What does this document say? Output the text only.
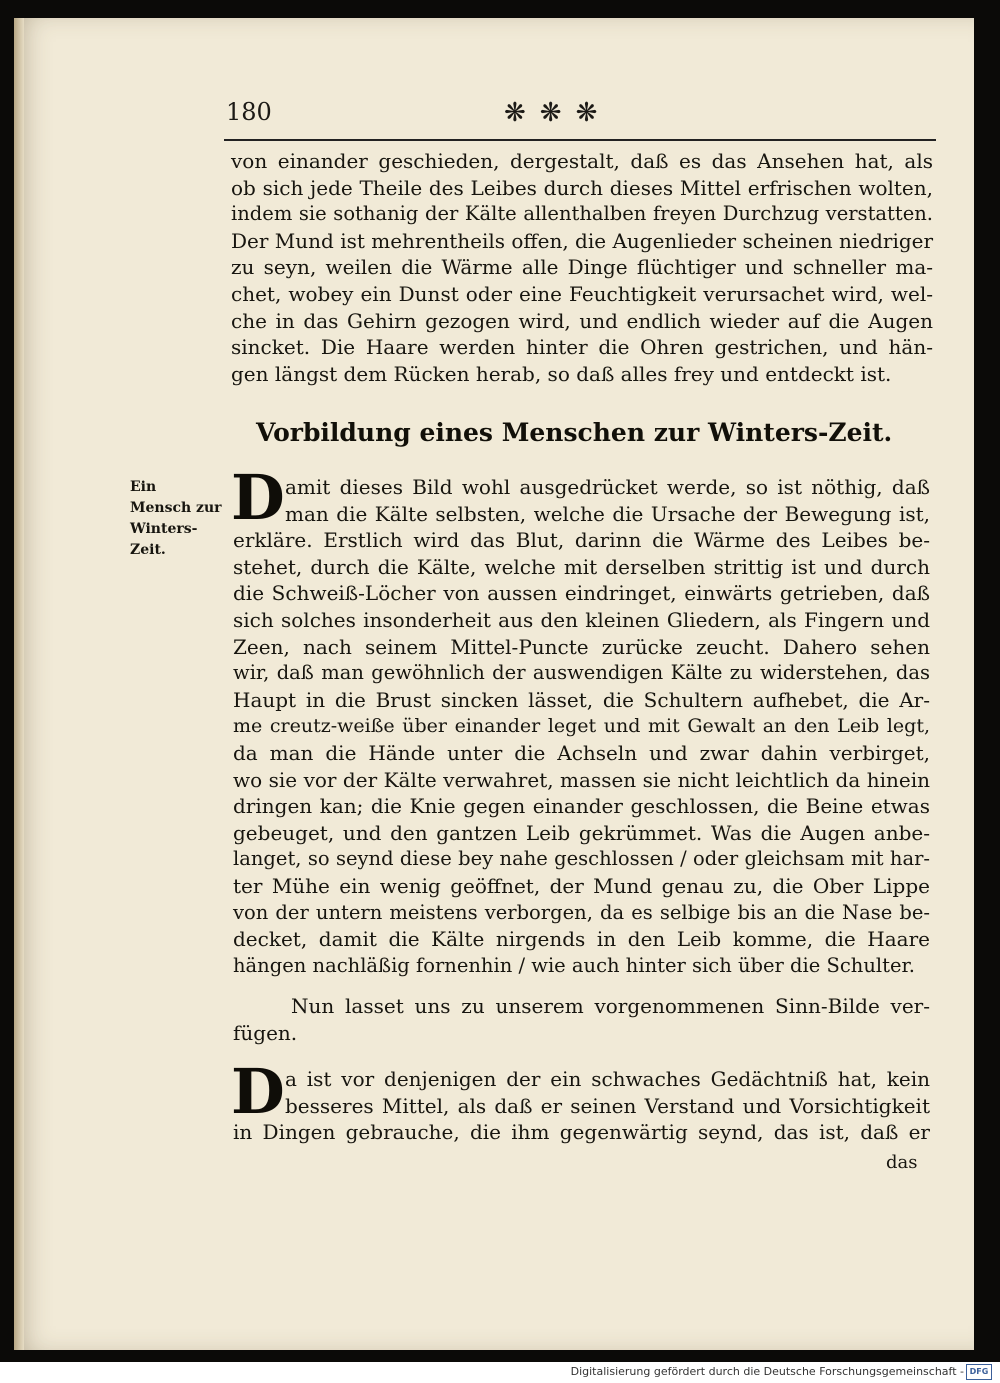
180	❋❋❋
von einander geschieden, dergestalt, daß es das Ansehen hat, als
ob sich jede Theile des Leibes durch dieses Mittel erfrischen wolten,
indem sie sothanig der Kälte allenthalben freyen Durchzug verstatten.
Der Mund ist mehrentheils offen, die Augenlieder scheinen niedriger
zu seyn, weilen die Wärme alle Dinge flüchtiger und schneller ma-
chet, wobey ein Dunst oder eine Feuchtigkeit verursachet wird, wel-
che in das Gehirn gezogen wird, und endlich wieder auf die Augen
sincket. Die Haare werden hinter die Ohren gestrichen, und hän-
gen längst dem Rücken herab, so daß alles frey und entdeckt ist.
Vorbildung eines Menschen zur Winters-Zeit.
Ein
Mensch zur
Winters-
Zeit.
D amit dieses Bild wohl ausgedrücket werde, so ist nöthig, daß
man die Kälte selbsten, welche die Ursache der Bewegung ist,
erkläre. Erstlich wird das Blut, darinn die Wärme des Leibes be-
stehet, durch die Kälte, welche mit derselben strittig ist und durch
die Schweiß-Löcher von aussen eindringet, einwärts getrieben, daß
sich solches insonderheit aus den kleinen Gliedern, als Fingern und
Zeen, nach seinem Mittel-Puncte zurücke zeucht. Dahero sehen
wir, daß man gewöhnlich der auswendigen Kälte zu widerstehen, das
Haupt in die Brust sincken lässet, die Schultern aufhebet, die Ar-
me creutz-weiße über einander leget und mit Gewalt an den Leib legt,
da man die Hände unter die Achseln und zwar dahin verbirget,
wo sie vor der Kälte verwahret, massen sie nicht leichtlich da hinein
dringen kan; die Knie gegen einander geschlossen, die Beine etwas
gebeuget, und den gantzen Leib gekrümmet. Was die Augen anbe-
langet, so seynd diese bey nahe geschlossen / oder gleichsam mit har-
ter Mühe ein wenig geöffnet, der Mund genau zu, die Ober Lippe
von der untern meistens verborgen, da es selbige bis an die Nase be-
decket, damit die Kälte nirgends in den Leib komme, die Haare
hängen nachläßig fornenhin / wie auch hinter sich über die Schulter.
Nun lasset uns zu unserem vorgenommenen Sinn-Bilde ver-
fügen.
D a ist vor denjenigen der ein schwaches Gedächtniß hat, kein
besseres Mittel, als daß er seinen Verstand und Vorsichtigkeit
in Dingen gebrauche, die ihm gegenwärtig seynd, das ist, daß er
das
Digitalisierung gefördert durch die Deutsche Forschungsgemeinschaft - DFG
